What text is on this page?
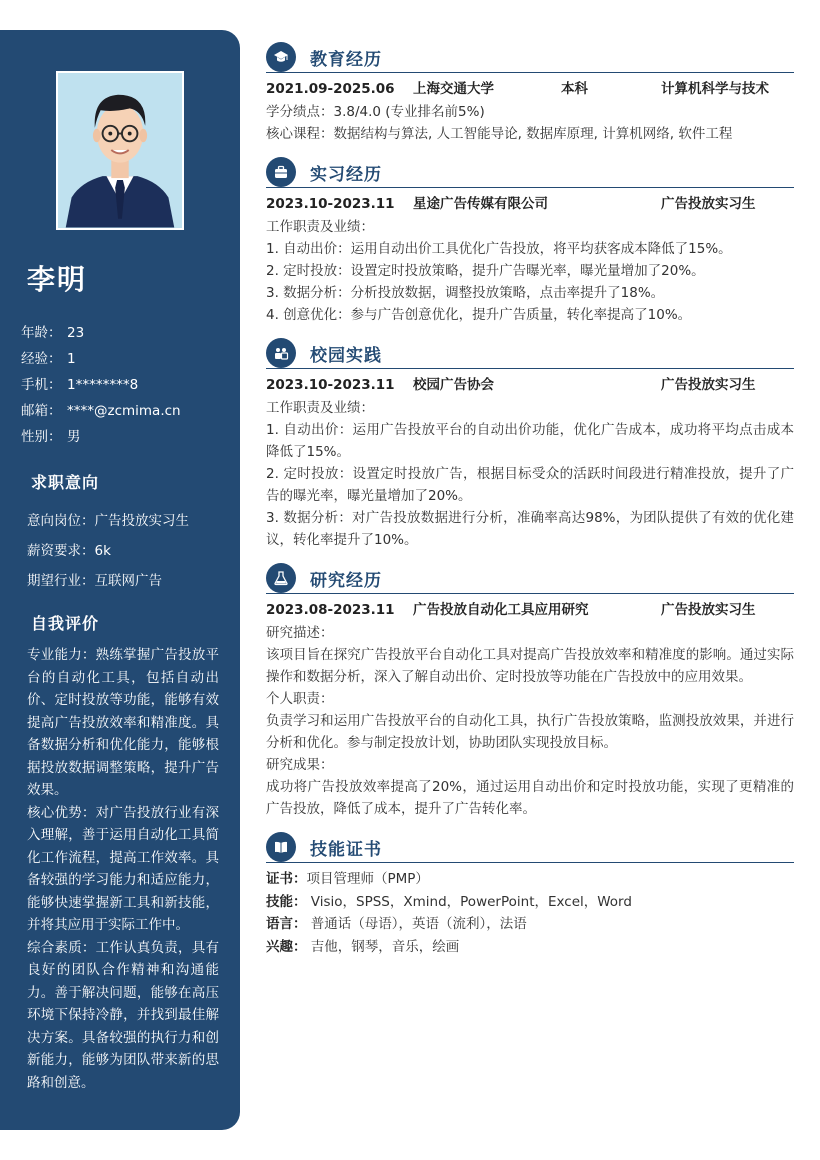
李明
年龄： 23
经验： 1
手机： 1********8
邮箱： ****@zcmima.cn
性别： 男
求职意向
意向岗位：广告投放实习生
薪资要求：6k
期望行业：互联网广告
自我评价
专业能力：熟练掌握广告投放平台的自动化工具，包括自动出价、定时投放等功能，能够有效提高广告投放效率和精准度。具备数据分析和优化能力，能够根据投放数据调整策略，提升广告效果。
核心优势：对广告投放行业有深入理解，善于运用自动化工具简化工作流程，提高工作效率。具备较强的学习能力和适应能力，能够快速掌握新工具和新技能，并将其应用于实际工作中。
综合素质：工作认真负责，具有良好的团队合作精神和沟通能力。善于解决问题，能够在高压环境下保持冷静，并找到最佳解决方案。具备较强的执行力和创新能力，能够为团队带来新的思路和创意。
教育经历
2021.09-2025.06	上海交通大学	本科	计算机科学与技术
学分绩点：3.8/4.0 (专业排名前5%)
核心课程：数据结构与算法, 人工智能导论, 数据库原理, 计算机网络, 软件工程
实习经历
2023.10-2023.11	星途广告传媒有限公司	广告投放实习生
工作职责及业绩：
1. 自动出价：运用自动出价工具优化广告投放，将平均获客成本降低了15%。
2. 定时投放：设置定时投放策略，提升广告曝光率，曝光量增加了20%。
3. 数据分析：分析投放数据，调整投放策略，点击率提升了18%。
4. 创意优化：参与广告创意优化，提升广告质量，转化率提高了10%。
校园实践
2023.10-2023.11	校园广告协会	广告投放实习生
工作职责及业绩：
1. 自动出价：运用广告投放平台的自动出价功能，优化广告成本，成功将平均点击成本降低了15%。
2. 定时投放：设置定时投放广告，根据目标受众的活跃时间段进行精准投放，提升了广告的曝光率，曝光量增加了20%。
3. 数据分析：对广告投放数据进行分析，准确率高达98%，为团队提供了有效的优化建议，转化率提升了10%。
研究经历
2023.08-2023.11	广告投放自动化工具应用研究	广告投放实习生
研究描述：
该项目旨在探究广告投放平台自动化工具对提高广告投放效率和精准度的影响。通过实际操作和数据分析，深入了解自动出价、定时投放等功能在广告投放中的应用效果。
个人职责：
负责学习和运用广告投放平台的自动化工具，执行广告投放策略，监测投放效果，并进行分析和优化。参与制定投放计划，协助团队实现投放目标。
研究成果：
成功将广告投放效率提高了20%，通过运用自动出价和定时投放功能，实现了更精准的广告投放，降低了成本，提升了广告转化率。
技能证书
证书：项目管理师（PMP）
技能： Visio，SPSS，Xmind，PowerPoint，Excel，Word
语言： 普通话（母语），英语（流利），法语
兴趣： 吉他，钢琴，音乐，绘画
